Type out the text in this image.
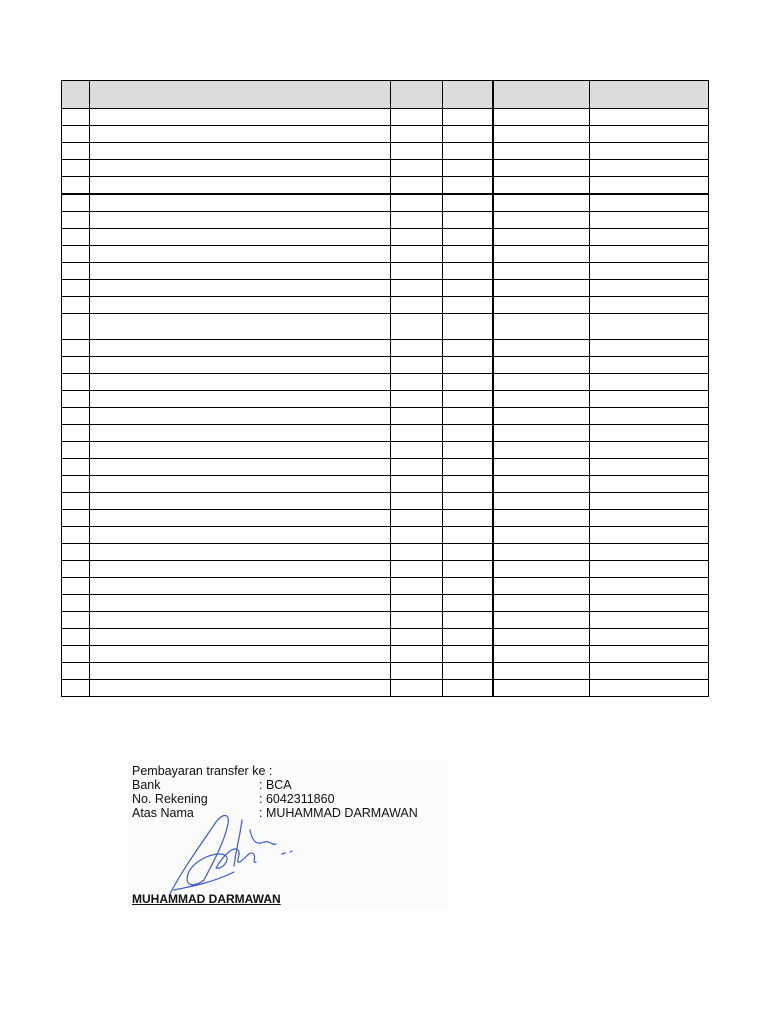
Pembayaran transfer ke :
Bank	: BCA
No. Rekening	: 6042311860
Atas Nama	: MUHAMMAD DARMAWAN
MUHAMMAD DARMAWAN
